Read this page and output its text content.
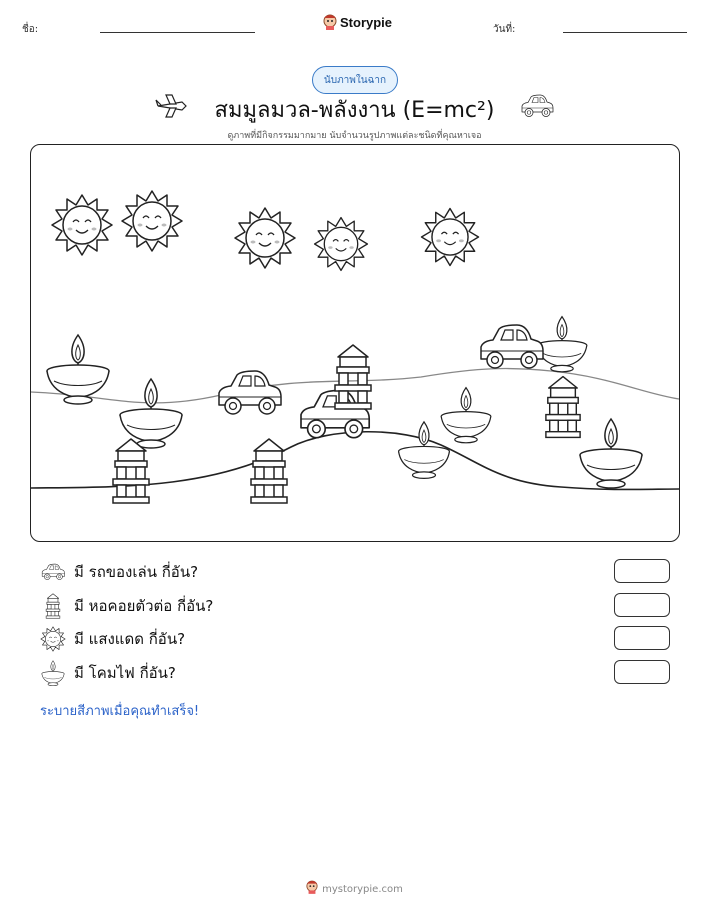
ชื่อ:	Storypie	วันที่:
นับภาพในฉาก
สมมูลมวล-พลังงาน (E=mc²)
ดูภาพที่มีกิจกรรมมากมาย นับจำนวนรูปภาพแต่ละชนิดที่คุณหาเจอ
มี รถของเล่น กี่อัน?
มี หอคอยตัวต่อ กี่อัน?
มี แสงแดด กี่อัน?
มี โคมไฟ กี่อัน?
ระบายสีภาพเมื่อคุณทำเสร็จ!
mystorypie.com
